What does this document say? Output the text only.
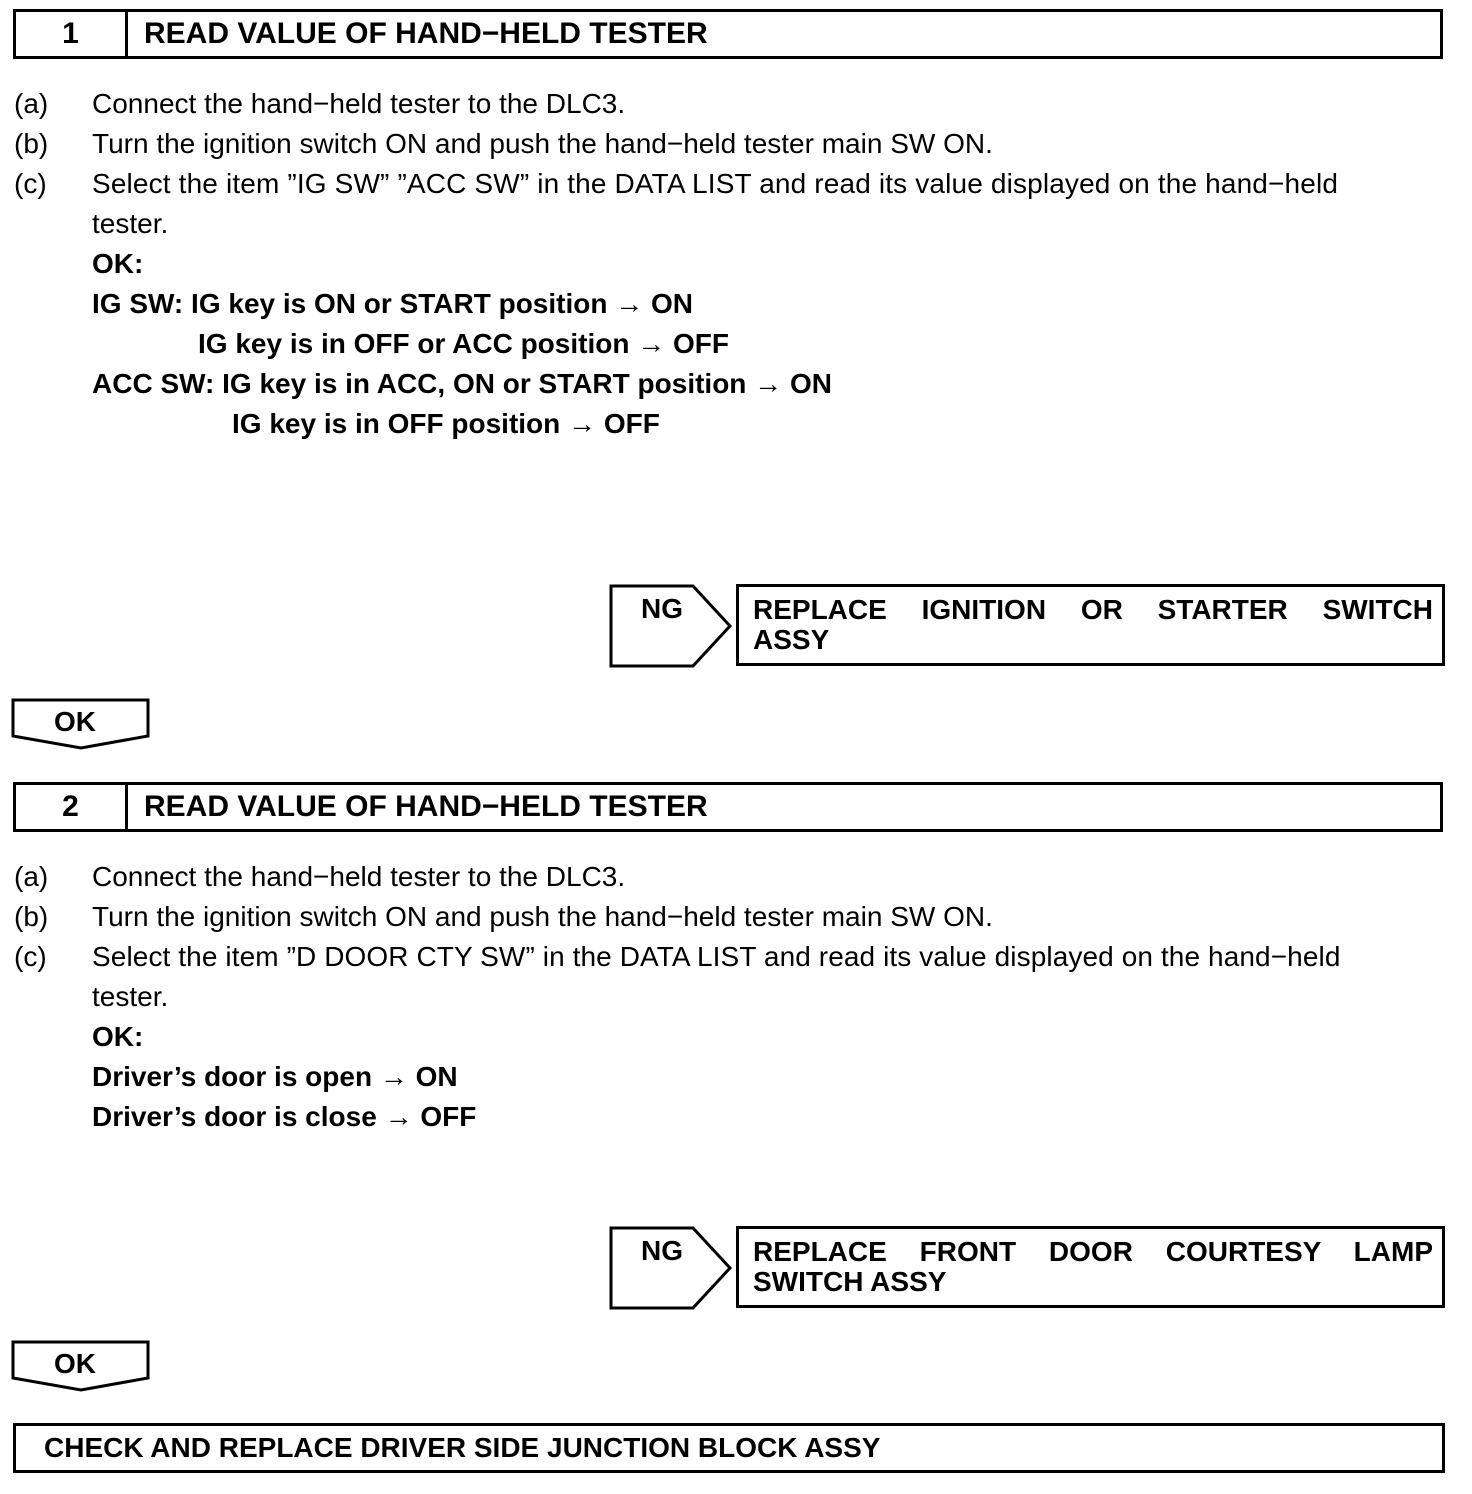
1	READ VALUE OF HAND−HELD TESTER
(a) Connect the hand−held tester to the DLC3.
(b) Turn the ignition switch ON and push the hand−held tester main SW ON.
(c) Select the item ”IG SW” ”ACC SW” in the DATA LIST and read its value displayed on the hand−held
tester.
OK:
IG SW: IG key is ON or START position → ON
IG key is in OFF or ACC position → OFF
ACC SW: IG key is in ACC, ON or START position → ON
IG key is in OFF position → OFF
NG	REPLACE IGNITION OR STARTER SWITCH
ASSY
OK
2	READ VALUE OF HAND−HELD TESTER
(a) Connect the hand−held tester to the DLC3.
(b) Turn the ignition switch ON and push the hand−held tester main SW ON.
(c) Select the item ”D DOOR CTY SW” in the DATA LIST and read its value displayed on the hand−held
tester.
OK:
Driver’s door is open → ON
Driver’s door is close → OFF
NG	REPLACE FRONT DOOR COURTESY LAMP
SWITCH ASSY
OK
CHECK AND REPLACE DRIVER SIDE JUNCTION BLOCK ASSY
